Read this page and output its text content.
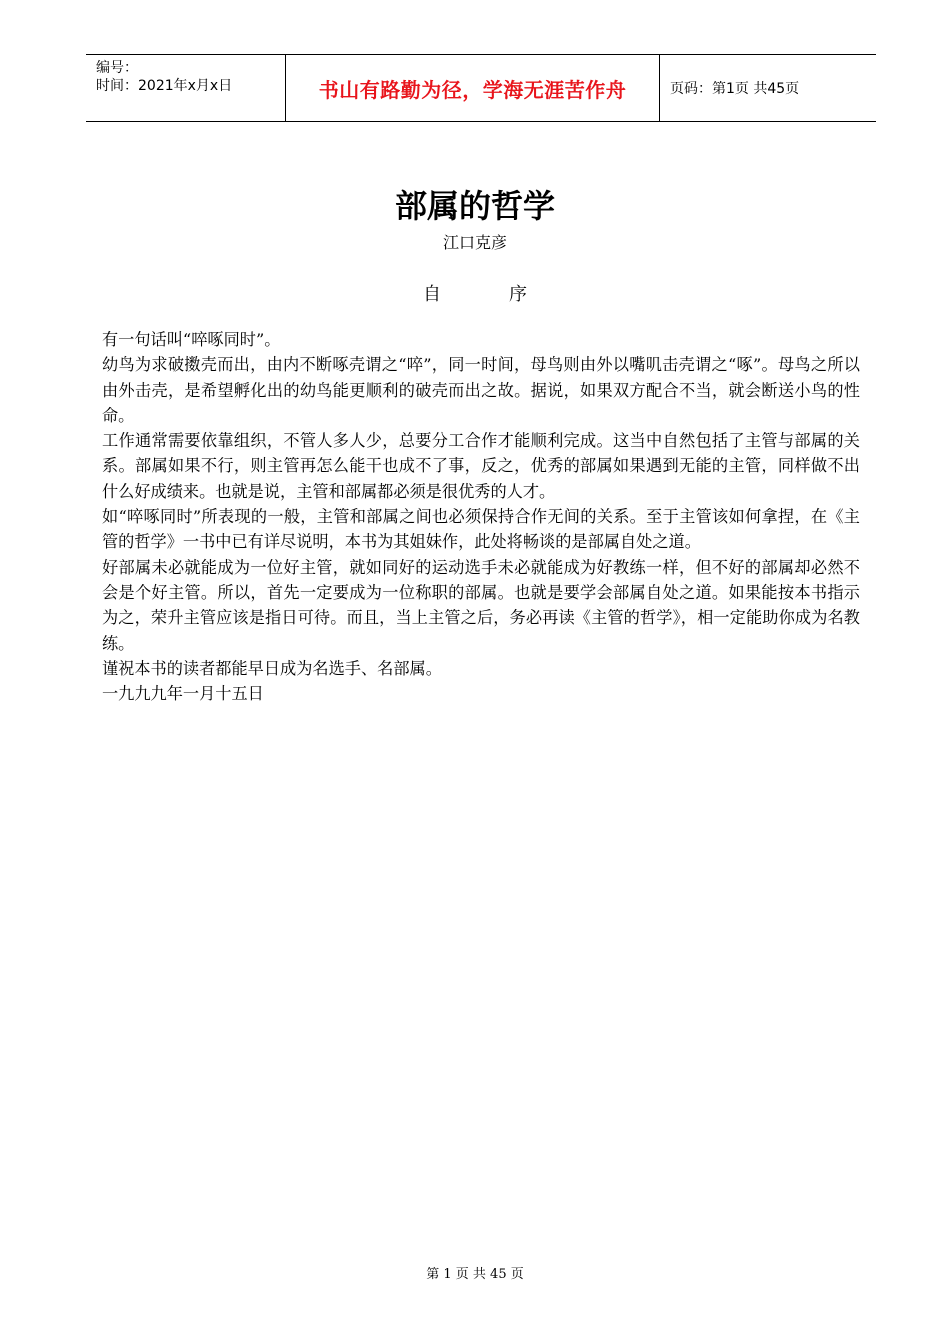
编号：
时间：2021年x月x日	书山有路勤为径，学海无涯苦作舟	页码：第1页 共45页
部属的哲学
江口克彦
自	序

有一句话叫“啐啄同时”。

幼鸟为求破擞壳而出，由内不断啄壳谓之“啐”，同一时间，母鸟则由外以嘴叽击壳谓之“啄”。母鸟之所以由外击壳，是希望孵化出的幼鸟能更顺利的破壳而出之故。据说，如果双方配合不当，就会断送小鸟的性命。

工作通常需要依靠组织，不管人多人少，总要分工合作才能顺利完成。这当中自然包括了主管与部属的关系。部属如果不行，则主管再怎么能干也成不了事，反之，优秀的部属如果遇到无能的主管，同样做不出什么好成绩来。也就是说，主管和部属都必须是很优秀的人才。

如“啐啄同时”所表现的一般，主管和部属之间也必须保持合作无间的关系。至于主管该如何拿捏，在《主管的哲学》一书中已有详尽说明，本书为其姐妹作，此处将畅谈的是部属自处之道。

好部属未必就能成为一位好主管，就如同好的运动选手未必就能成为好教练一样，但不好的部属却必然不会是个好主管。所以，首先一定要成为一位称职的部属。也就是要学会部属自处之道。如果能按本书指示为之，荣升主管应该是指日可待。而且，当上主管之后，务必再读《主管的哲学》，相一定能助你成为名教练。

谨祝本书的读者都能早日成为名选手、名部属。

一九九九年一月十五日

第 1 页 共 45 页
